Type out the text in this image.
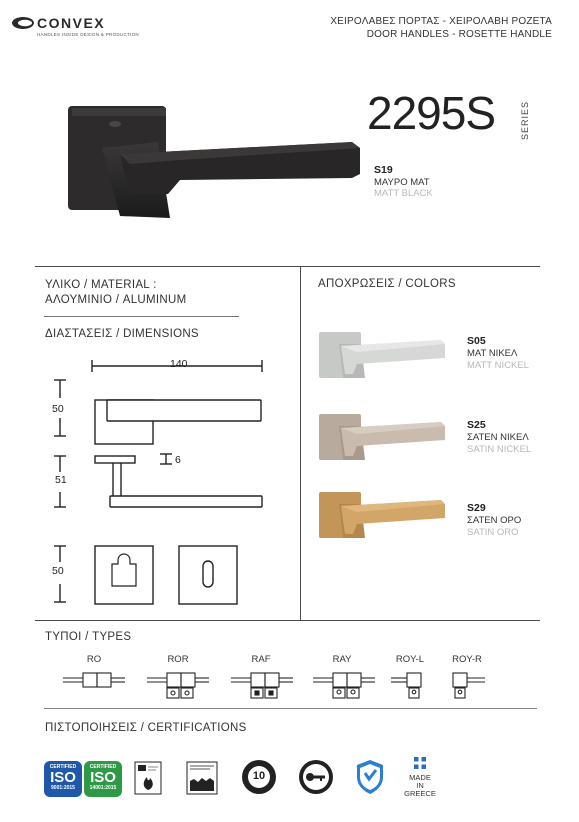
CONVEX
HANDLES INSIDE DESIGN & PRODUCTION
ΧΕΙΡΟΛΑΒΕΣ ΠΟΡΤΑΣ - ΧΕΙΡΟΛΑΒΗ ΡΟΖΕΤΑ
DOOR HANDLES - ROSETTE HANDLE
2295S	SERIES
S19
ΜΑΥΡΟ ΜΑΤ
MATT BLACK
ΥΛΙΚΟ / MATERIAL :
ΑΛΟΥΜΙΝΙΟ / ALUMINUM
ΔΙΑΣΤΑΣΕΙΣ / DIMENSIONS
140
50
51
6
50
ΑΠΟΧΡΩΣΕΙΣ / COLORS
S05
ΜΑΤ ΝΙΚΕΛ
MATT NICKEL
S25
ΣΑΤΕΝ ΝΙΚΕΛ
SATIN NICKEL
S29
ΣΑΤΕΝ ΟΡΟ
SATIN ORO
ΤΥΠΟΙ / TYPES
RO	ROR	RAF	RAY	ROY-L	ROY-R
ΠΙΣΤΟΠΟΙΗΣΕΙΣ / CERTIFICATIONS
CERTIFIED
ISO
9001:2015
CERTIFIED
ISO
14001:2015
10	MADE
IN
GREECE
